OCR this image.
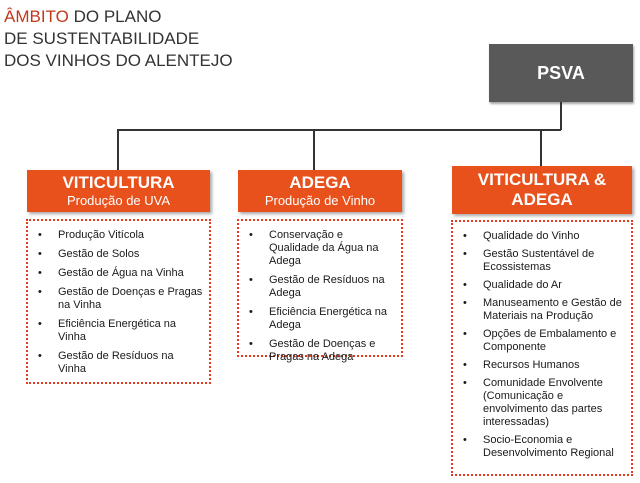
ÂMBITO DO PLANO
DE SUSTENTABILIDADE
DOS VINHOS DO ALENTEJO
PSVA
VITICULTURA
Produção de UVA
• Produção Vitícola
• Gestão de Solos
• Gestão de Água na Vinha
• Gestão de Doenças e Pragas na Vinha
• Eficiência Energética na Vinha
• Gestão de Resíduos na Vinha
ADEGA
Produção de Vinho
• Conservação e Qualidade da Água na Adega
• Gestão de Resíduos na Adega
• Eficiência Energética na Adega
• Gestão de Doenças e Pragas na Adega
VITICULTURA &
ADEGA
• Qualidade do Vinho
• Gestão Sustentável de Ecossistemas
• Qualidade do Ar
• Manuseamento e Gestão de Materiais na Produção
• Opções de Embalamento e Componente
• Recursos Humanos
• Comunidade Envolvente (Comunicação e envolvimento das partes interessadas)
• Socio-Economia e Desenvolvimento Regional
